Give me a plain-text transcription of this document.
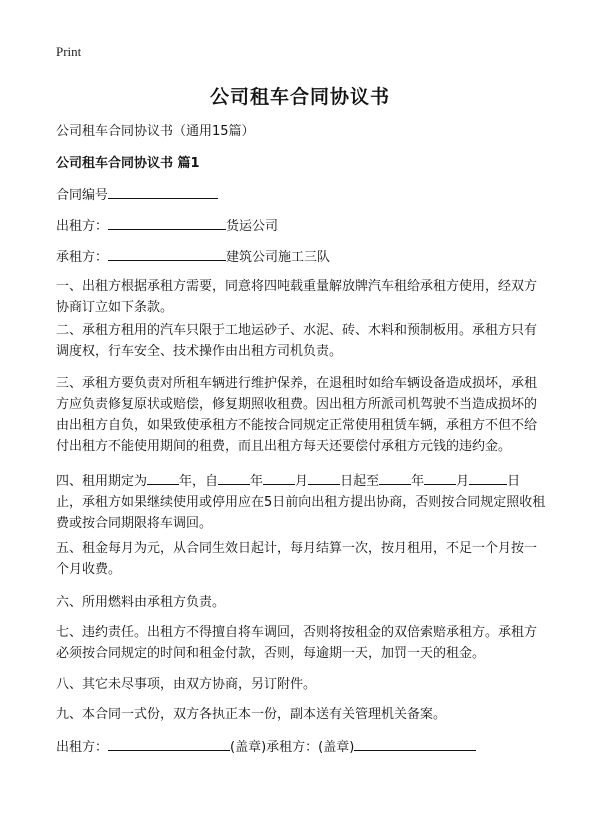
Print
公司租车合同协议书
公司租车合同协议书（通用15篇）
公司租车合同协议书 篇1
合同编号
出租方：	货运公司
承租方：	建筑公司施工三队
一、出租方根据承租方需要，同意将四吨载重量解放牌汽车租给承租方使用，经双方协商订立如下条款。
二、承租方租用的汽车只限于工地运砂子、水泥、砖、木料和预制板用。承租方只有调度权，行车安全、技术操作由出租方司机负责。
三、承租方要负责对所租车辆进行维护保养，在退租时如给车辆设备造成损坏，承租方应负责修复原状或赔偿，修复期照收租费。因出租方所派司机驾驶不当造成损坏的由出租方自负，如果致使承租方不能按合同规定正常使用租赁车辆，承租方不但不给付出租方不能使用期间的租费，而且出租方每天还要偿付承租方元钱的违约金。
四、租用期定为 年，自 年 月 日起至 年 月	日止，承租方如果继续使用或停用应在5日前向出租方提出协商，否则按合同规定照收租费或按合同期限将车调回。
五、租金每月为元，从合同生效日起计，每月结算一次，按月租用，不足一个月按一个月收费。
六、所用燃料由承租方负责。
七、违约责任。出租方不得擅自将车调回，否则将按租金的双倍索赔承租方。承租方必须按合同规定的时间和租金付款，否则，每逾期一天，加罚一天的租金。
八、其它未尽事项，由双方协商，另订附件。
九、本合同一式份，双方各执正本一份，副本送有关管理机关备案。
出租方：	(盖章)承租方：(盖章)
